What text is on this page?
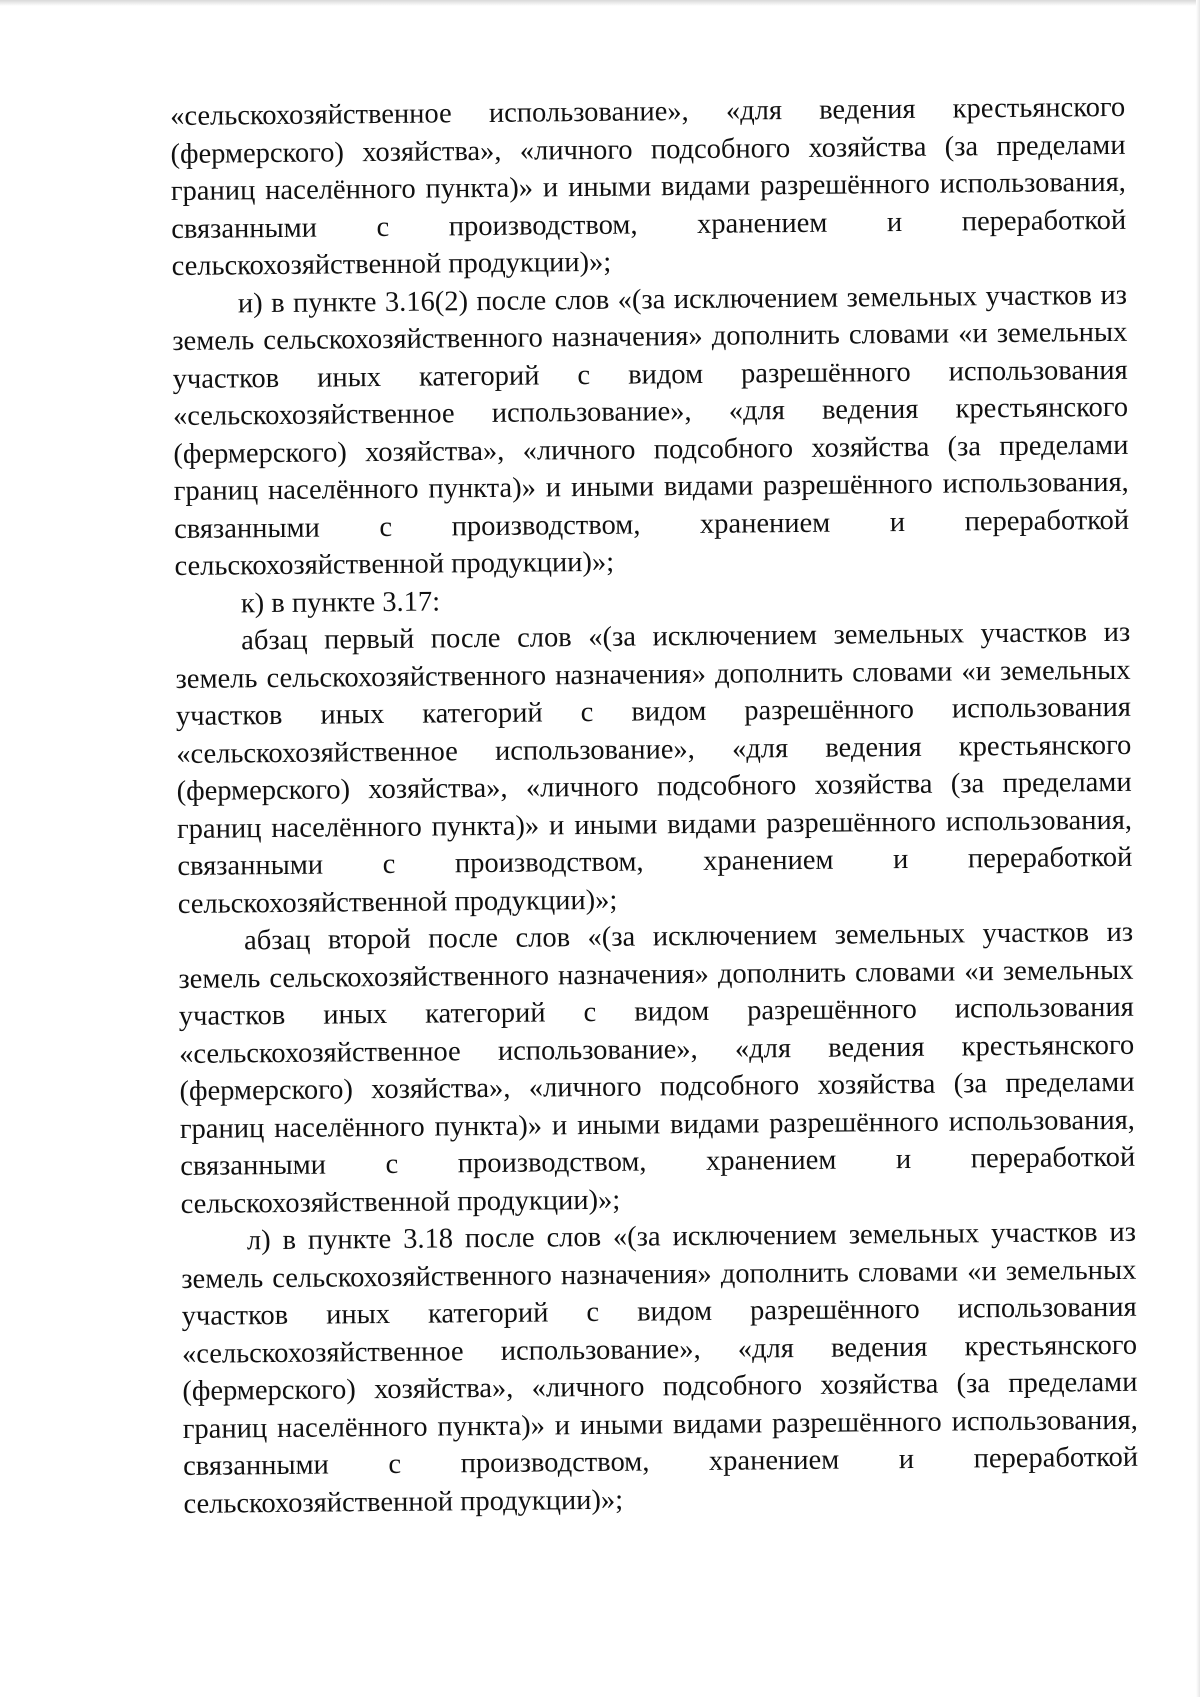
«сельскохозяйственное использование», «для ведения крестьянского (фермерского) хозяйства», «личного подсобного хозяйства (за пределами границ населённого пункта)» и иными видами разрешённого использования, связанными с производством, хранением и переработкой сельскохозяйственной продукции)»;

и) в пункте 3.16(2) после слов «(за исключением земельных участков из земель сельскохозяйственного назначения» дополнить словами «и земельных участков иных категорий с видом разрешённого использования «сельскохозяйственное использование», «для ведения крестьянского (фермерского) хозяйства», «личного подсобного хозяйства (за пределами границ населённого пункта)» и иными видами разрешённого использования, связанными с производством, хранением и переработкой сельскохозяйственной продукции)»;

к) в пункте 3.17:

абзац первый после слов «(за исключением земельных участков из земель сельскохозяйственного назначения» дополнить словами «и земельных участков иных категорий с видом разрешённого использования «сельскохозяйственное использование», «для ведения крестьянского (фермерского) хозяйства», «личного подсобного хозяйства (за пределами границ населённого пункта)» и иными видами разрешённого использования, связанными с производством, хранением и переработкой сельскохозяйственной продукции)»;

абзац второй после слов «(за исключением земельных участков из земель сельскохозяйственного назначения» дополнить словами «и земельных участков иных категорий с видом разрешённого использования «сельскохозяйственное использование», «для ведения крестьянского (фермерского) хозяйства», «личного подсобного хозяйства (за пределами границ населённого пункта)» и иными видами разрешённого использования, связанными с производством, хранением и переработкой сельскохозяйственной продукции)»;

л) в пункте 3.18 после слов «(за исключением земельных участков из земель сельскохозяйственного назначения» дополнить словами «и земельных участков иных категорий с видом разрешённого использования «сельскохозяйственное использование», «для ведения крестьянского (фермерского) хозяйства», «личного подсобного хозяйства (за пределами границ населённого пункта)» и иными видами разрешённого использования, связанными с производством, хранением и переработкой сельскохозяйственной продукции)»;
